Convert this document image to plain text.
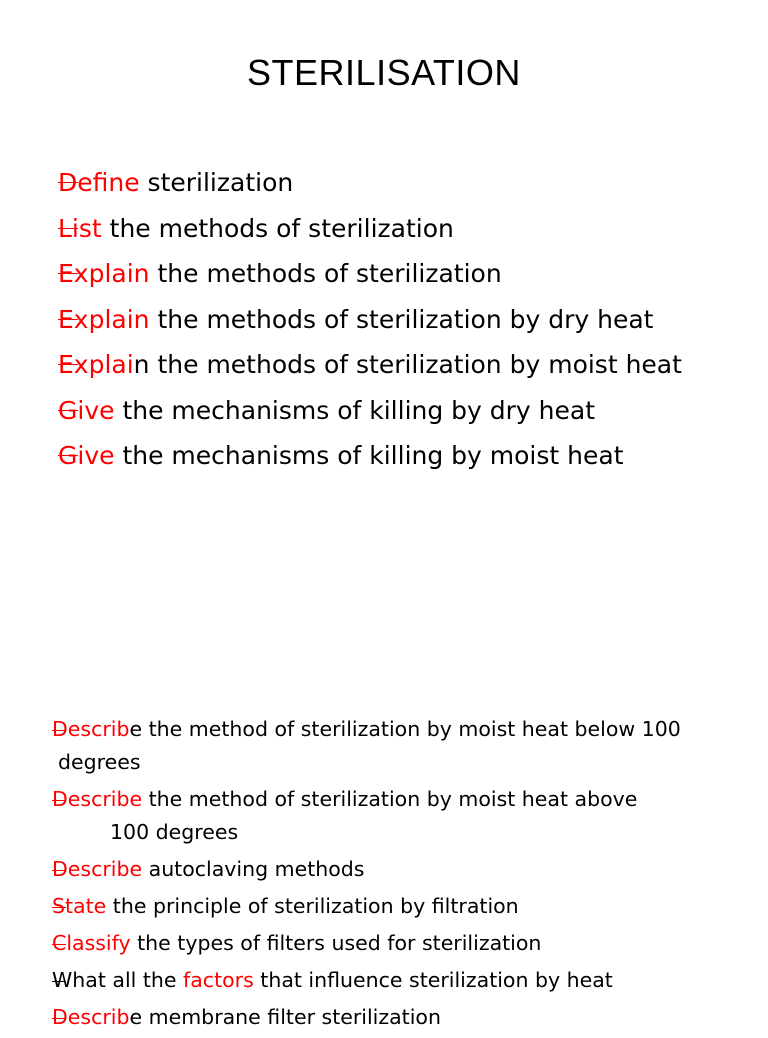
STERILISATION
Define sterilization
List the methods of sterilization
Explain the methods of sterilization
Explain the methods of sterilization by dry heat
Explain the methods of sterilization by moist heat
Give the mechanisms of killing by dry heat
Give the mechanisms of killing by moist heat
Describe the method of sterilization by moist heat below 100
degrees
Describe the method of sterilization by moist heat above
100 degrees
Describe autoclaving methods
State the principle of sterilization by filtration
Classify the types of filters used for sterilization
What all the factors that influence sterilization by heat
Describe membrane filter sterilization
